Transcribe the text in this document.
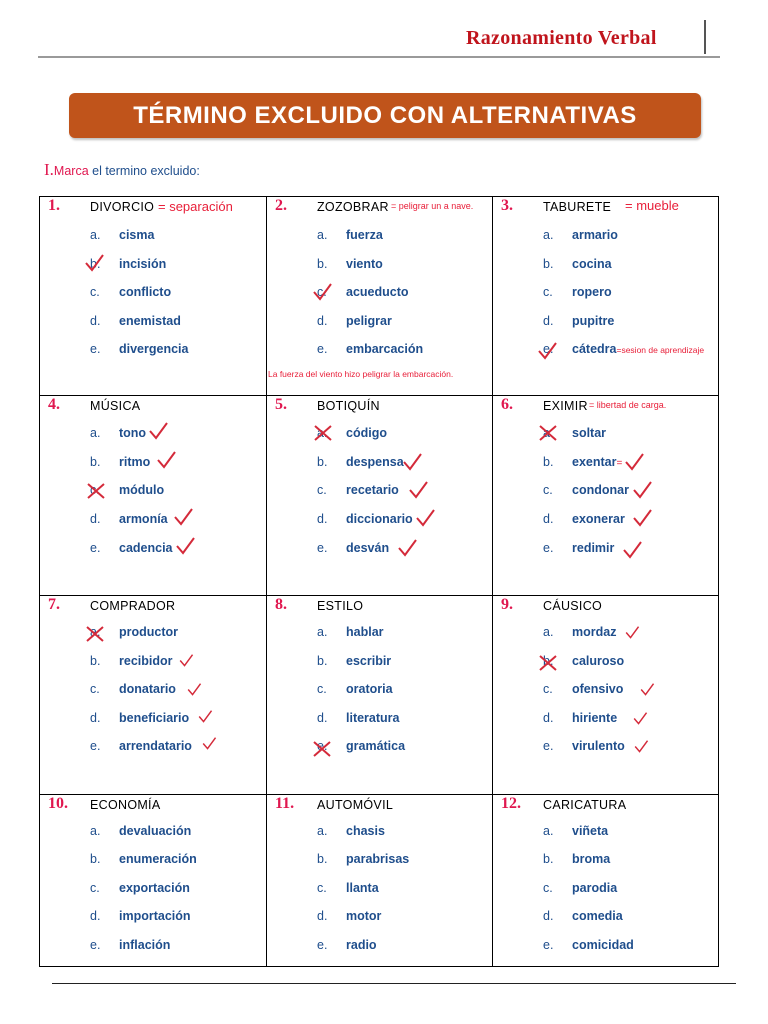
Razonamiento Verbal
TÉRMINO EXCLUIDO CON ALTERNATIVAS
I.Marca el termino excluido:
1. DIVORCIO = separación
a. cisma
b. incisión
c. conflicto
d. enemistad
e. divergencia
2. ZOZOBRAR = peligrar un a nave.
a. fuerza
b. viento
c. acueducto
d. peligrar
e. embarcación
La fuerza del viento hizo peligrar la embarcación.
3. TABURETE = mueble
a. armario
b. cocina
c. ropero
d. pupitre
e. cátedra=sesion de aprendizaje
4. MÚSICA
a. tono
b. ritmo
c. módulo
d. armonía
e. cadencia
5. BOTIQUÍN
a. código
b. despensa
c. recetario
d. diccionario
e. desván
6. EXIMIR = libertad de carga.
a. soltar
b. exentar=
c. condonar
d. exonerar
e. redimir
7. COMPRADOR
a. productor
b. recibidor
c. donatario
d. beneficiario
e. arrendatario
8. ESTILO
a. hablar
b. escribir
c. oratoria
d. literatura
e. gramática
9. CÁUSICO
a. mordaz
b. caluroso
c. ofensivo
d. hiriente
e. virulento
10. ECONOMÍA
a. devaluación
b. enumeración
c. exportación
d. importación
e. inflación
11. AUTOMÓVIL
a. chasis
b. parabrisas
c. llanta
d. motor
e. radio
12. CARICATURA
a. viñeta
b. broma
c. parodia
d. comedia
e. comicidad
